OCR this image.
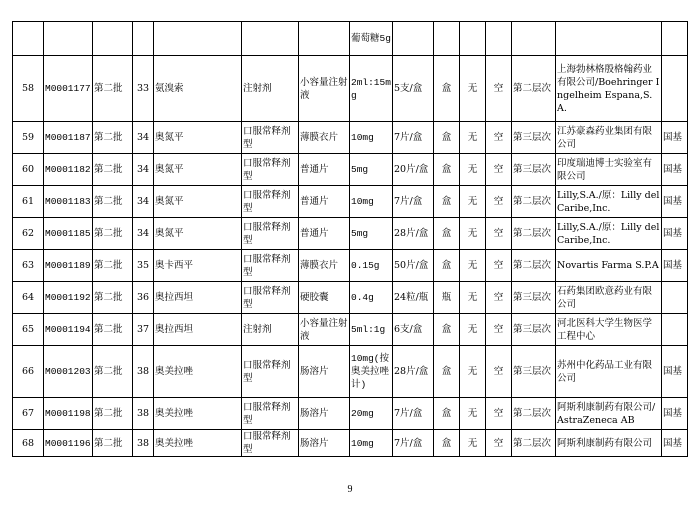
							葡萄糖5g							
58	M0001177	第二批	33	氨溴索	注射剂	小容量注射液	2ml:15mg	5支/盒	盒	无	空	第二层次	上海勃林格殷格翰药业有限公司/Boehringer Ingelheim Espana,S.A.	
59	M0001187	第二批	34	奥氮平	口服常释剂型	薄膜衣片	10mg	7片/盒	盒	无	空	第三层次	江苏豪森药业集团有限公司	国基
60	M0001182	第二批	34	奥氮平	口服常释剂型	普通片	5mg	20片/盒	盒	无	空	第三层次	印度瑞迪博士实验室有限公司	国基
61	M0001183	第二批	34	奥氮平	口服常释剂型	普通片	10mg	7片/盒	盒	无	空	第二层次	Lilly,S.A./原：Lilly del Caribe,Inc.	国基
62	M0001185	第二批	34	奥氮平	口服常释剂型	普通片	5mg	28片/盒	盒	无	空	第二层次	Lilly,S.A./原：Lilly del Caribe,Inc.	国基
63	M0001189	第二批	35	奥卡西平	口服常释剂型	薄膜衣片	0.15g	50片/盒	盒	无	空	第二层次	Novartis Farma S.P.A	国基
64	M0001192	第二批	36	奥拉西坦	口服常释剂型	硬胶囊	0.4g	24粒/瓶	瓶	无	空	第三层次	石药集团欧意药业有限公司	
65	M0001194	第二批	37	奥拉西坦	注射剂	小容量注射液	5ml:1g	6支/盒	盒	无	空	第三层次	河北医科大学生物医学工程中心	
66	M0001203	第二批	38	奥美拉唑	口服常释剂型	肠溶片	10mg(按奥美拉唑计)	28片/盒	盒	无	空	第三层次	苏州中化药品工业有限公司	国基
67	M0001198	第二批	38	奥美拉唑	口服常释剂型	肠溶片	20mg	7片/盒	盒	无	空	第二层次	阿斯利康制药有限公司/AstraZeneca AB	国基
68	M0001196	第二批	38	奥美拉唑	口服常释剂型	肠溶片	10mg	7片/盒	盒	无	空	第二层次	阿斯利康制药有限公司	国基
9
